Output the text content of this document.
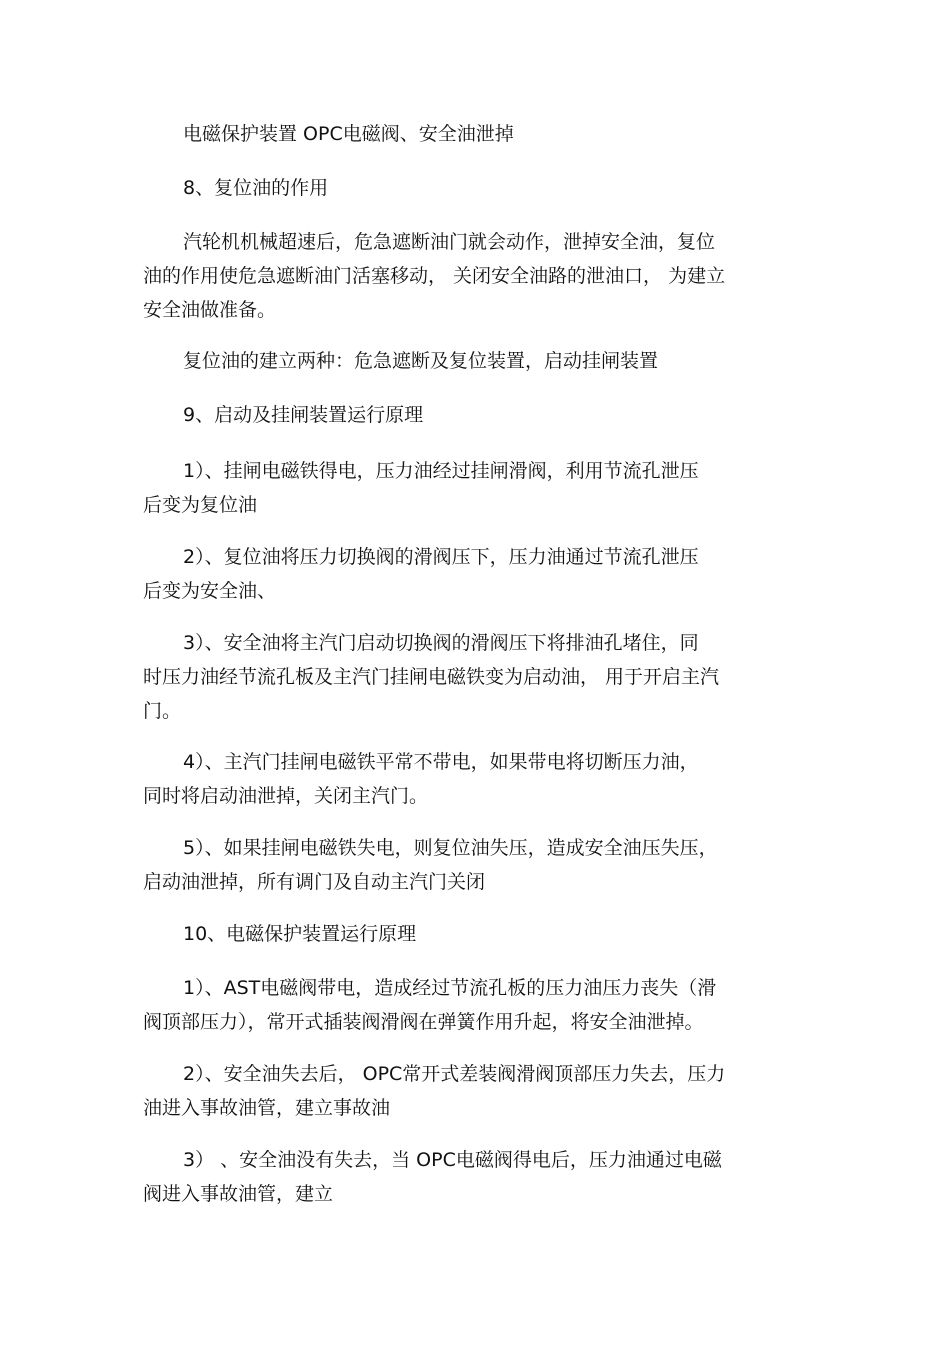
电磁保护装置 OPC电磁阀、安全油泄掉

8、复位油的作用

汽轮机机械超速后，危急遮断油门就会动作，泄掉安全油，复位
油的作用使危急遮断油门活塞移动， 关闭安全油路的泄油口， 为建立
安全油做准备。

复位油的建立两种：危急遮断及复位装置，启动挂闸装置

9、启动及挂闸装置运行原理

1）、挂闸电磁铁得电，压力油经过挂闸滑阀，利用节流孔泄压
后变为复位油

2）、复位油将压力切换阀的滑阀压下，压力油通过节流孔泄压
后变为安全油、

3）、安全油将主汽门启动切换阀的滑阀压下将排油孔堵住，同
时压力油经节流孔板及主汽门挂闸电磁铁变为启动油， 用于开启主汽
门。

4）、主汽门挂闸电磁铁平常不带电，如果带电将切断压力油，
同时将启动油泄掉，关闭主汽门。

5）、如果挂闸电磁铁失电，则复位油失压，造成安全油压失压，
启动油泄掉，所有调门及自动主汽门关闭

10、电磁保护装置运行原理

1）、AST电磁阀带电，造成经过节流孔板的压力油压力丧失（滑
阀顶部压力），常开式插装阀滑阀在弹簧作用升起，将安全油泄掉。

2）、安全油失去后， OPC常开式差装阀滑阀顶部压力失去，压力
油进入事故油管，建立事故油

3） 、安全油没有失去，当 OPC电磁阀得电后，压力油通过电磁
阀进入事故油管，建立
